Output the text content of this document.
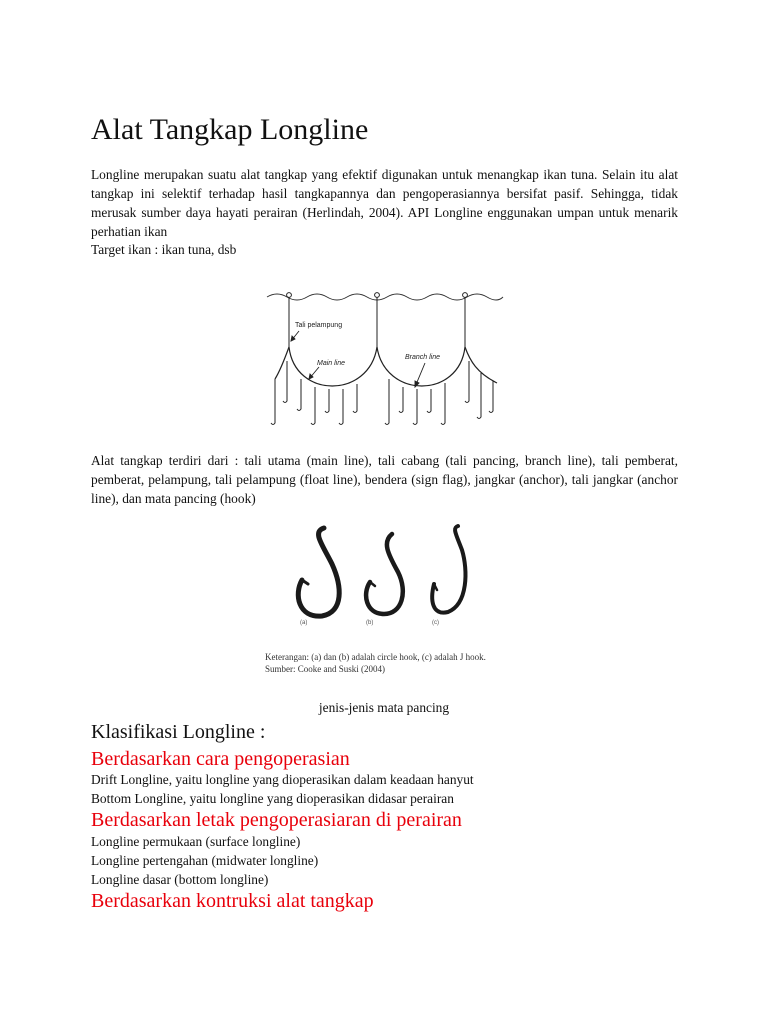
Alat Tangkap Longline

Longline merupakan suatu alat tangkap yang efektif digunakan untuk menangkap ikan tuna. Selain itu alat tangkap ini selektif terhadap hasil tangkapannya dan pengoperasiannya bersifat pasif. Sehingga, tidak merusak sumber daya hayati perairan (Herlindah, 2004). API Longline enggunakan umpan untuk menarik perhatian ikan

Target ikan : ikan tuna, dsb
Tali pelampung
Main line
Branch line

Alat tangkap terdiri dari : tali utama (main line), tali cabang (tali pancing, branch line), tali pemberat, pemberat, pelampung, tali pelampung (float line), bendera (sign flag), jangkar (anchor), tali jangkar (anchor line), dan mata pancing (hook)

(a)	(b)	(c)
Keterangan: (a) dan (b) adalah circle hook, (c) adalah J hook.
Sumber: Cooke and Suski (2004)
jenis-jenis mata pancing
Klasifikasi Longline :
Berdasarkan cara pengoperasian
Drift Longline, yaitu longline yang dioperasikan dalam keadaan hanyut
Bottom Longline, yaitu longline yang dioperasikan didasar perairan
Berdasarkan letak pengoperasiaran di perairan
Longline permukaan (surface longline)
Longline pertengahan (midwater longline)
Longline dasar (bottom longline)
Berdasarkan kontruksi alat tangkap
